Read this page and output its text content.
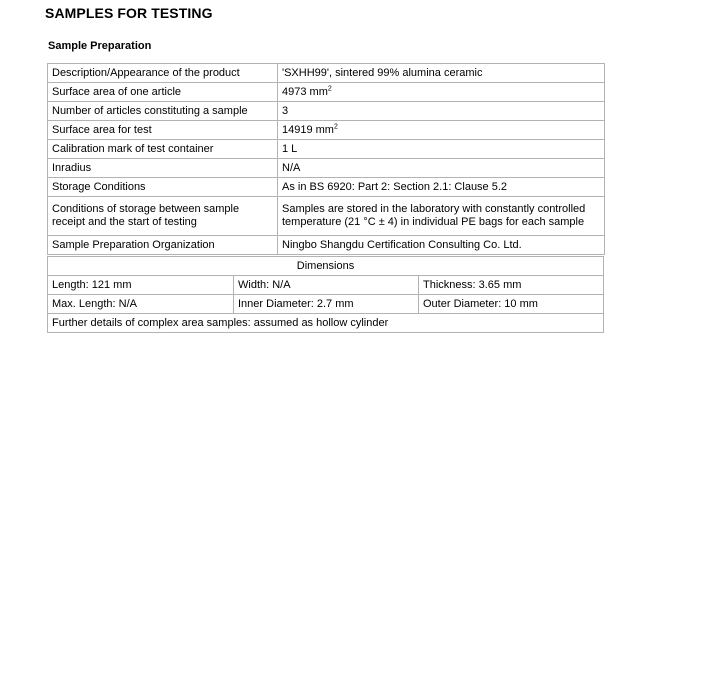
SAMPLES FOR TESTING
Sample Preparation
Description/Appearance of the product	'SXHH99', sintered 99% alumina ceramic
Surface area of one article	4973 $mm^2$
Number of articles constituting a sample	3
Surface area for test	14919 $mm^2$
Calibration mark of test container	1 L
Inradius	N/A
Storage Conditions	As in BS 6920: Part 2: Section 2.1: Clause 5.2
Conditions of storage between sample receipt and the start of testing	Samples are stored in the laboratory with constantly controlled temperature (21 °C ± 4) in individual PE bags for each sample
Sample Preparation Organization	Ningbo Shangdu Certification Consulting Co. Ltd.
Dimensions		
Length: 121 mm	Width: N/A	Thickness: 3.65 mm
Max. Length: N/A	Inner Diameter: 2.7 mm	Outer Diameter: 10 mm
Further details of complex area samples: assumed as hollow cylinder		
